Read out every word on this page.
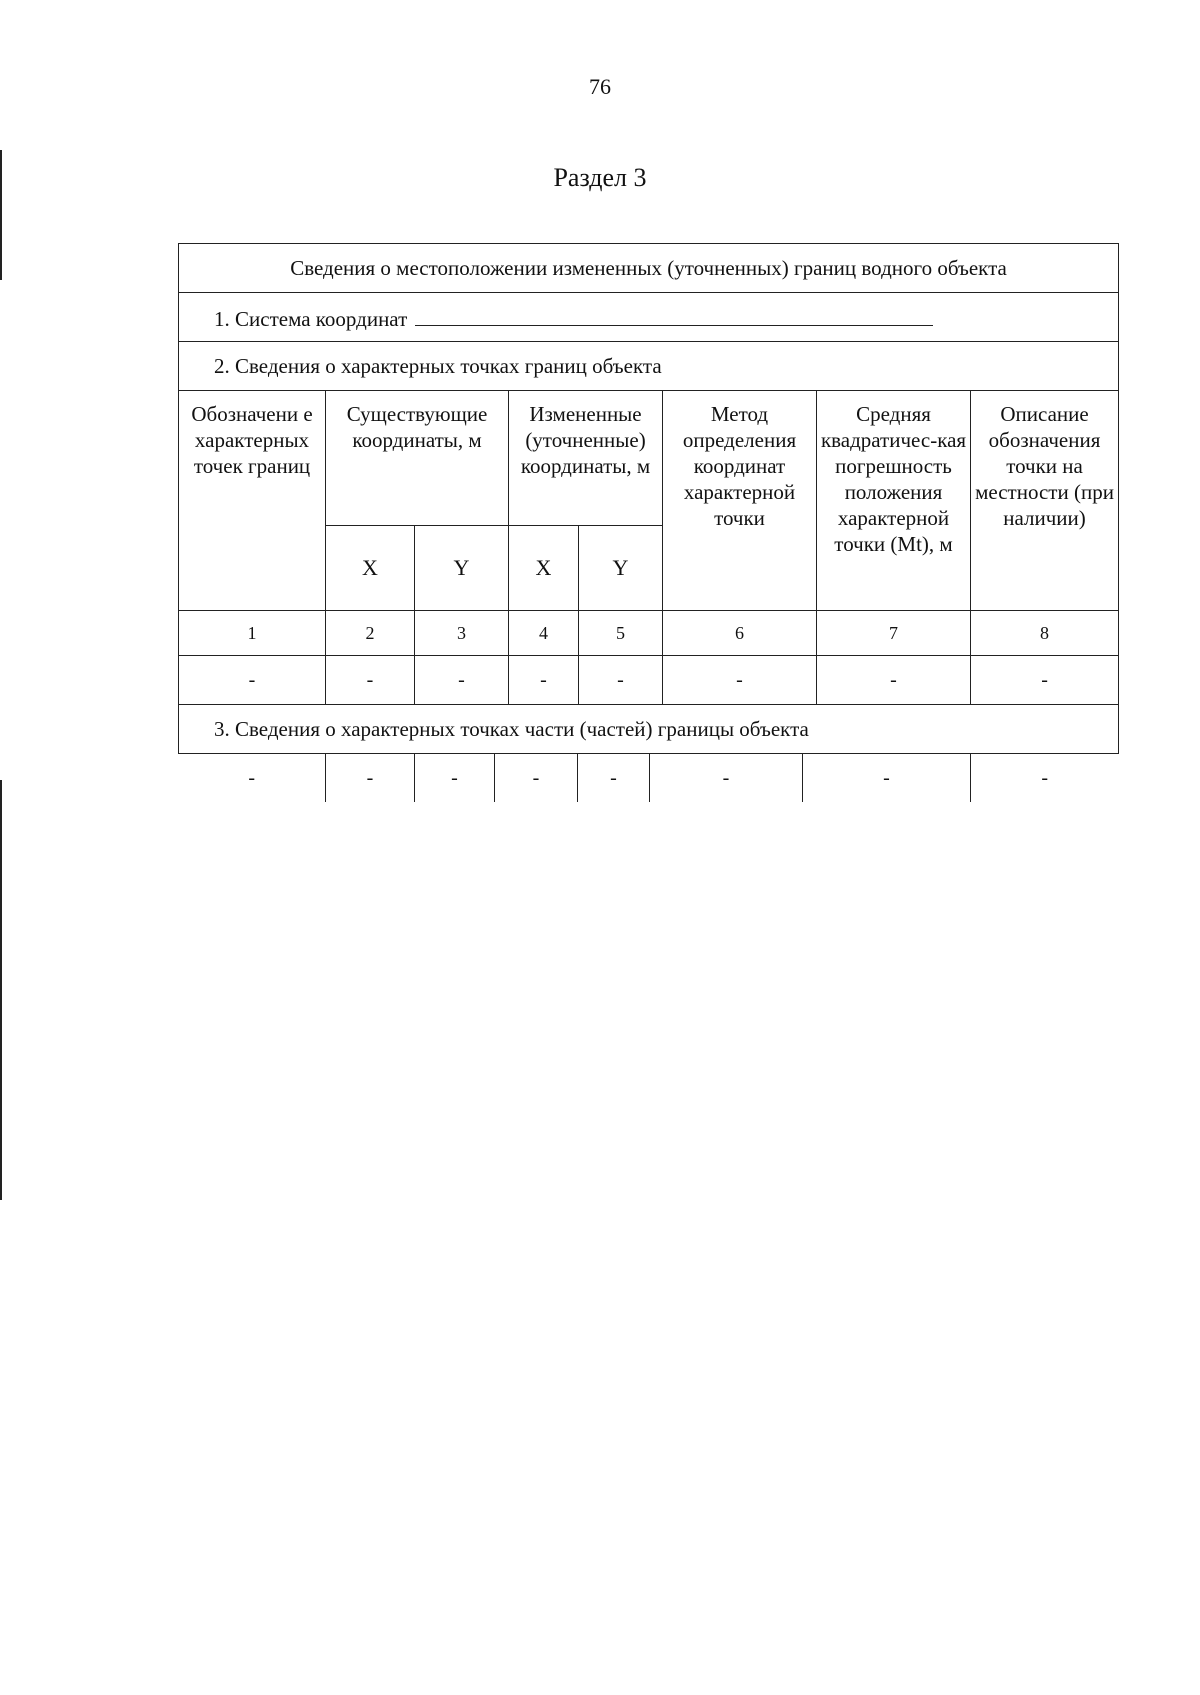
76
Раздел 3
Сведения о местоположении измененных (уточненных) границ водного объекта
1. Система координат
2. Сведения о характерных точках границ объекта
Обозначени е характерных точек границ	Существующие координаты, м	Измененные (уточненные) координаты, м	Метод определения координат характерной точки	Средняя квадратичес-кая погрешность положения характерной точки (Mt), м	Описание обозначения точки на местности (при наличии)
X	Y	X	Y
1	2	3	4	5	6	7	8
-	-	-	-	-	-	-	-
3. Сведения о характерных точках части (частей) границы объекта

-	-	-	-	-	-	-	-
